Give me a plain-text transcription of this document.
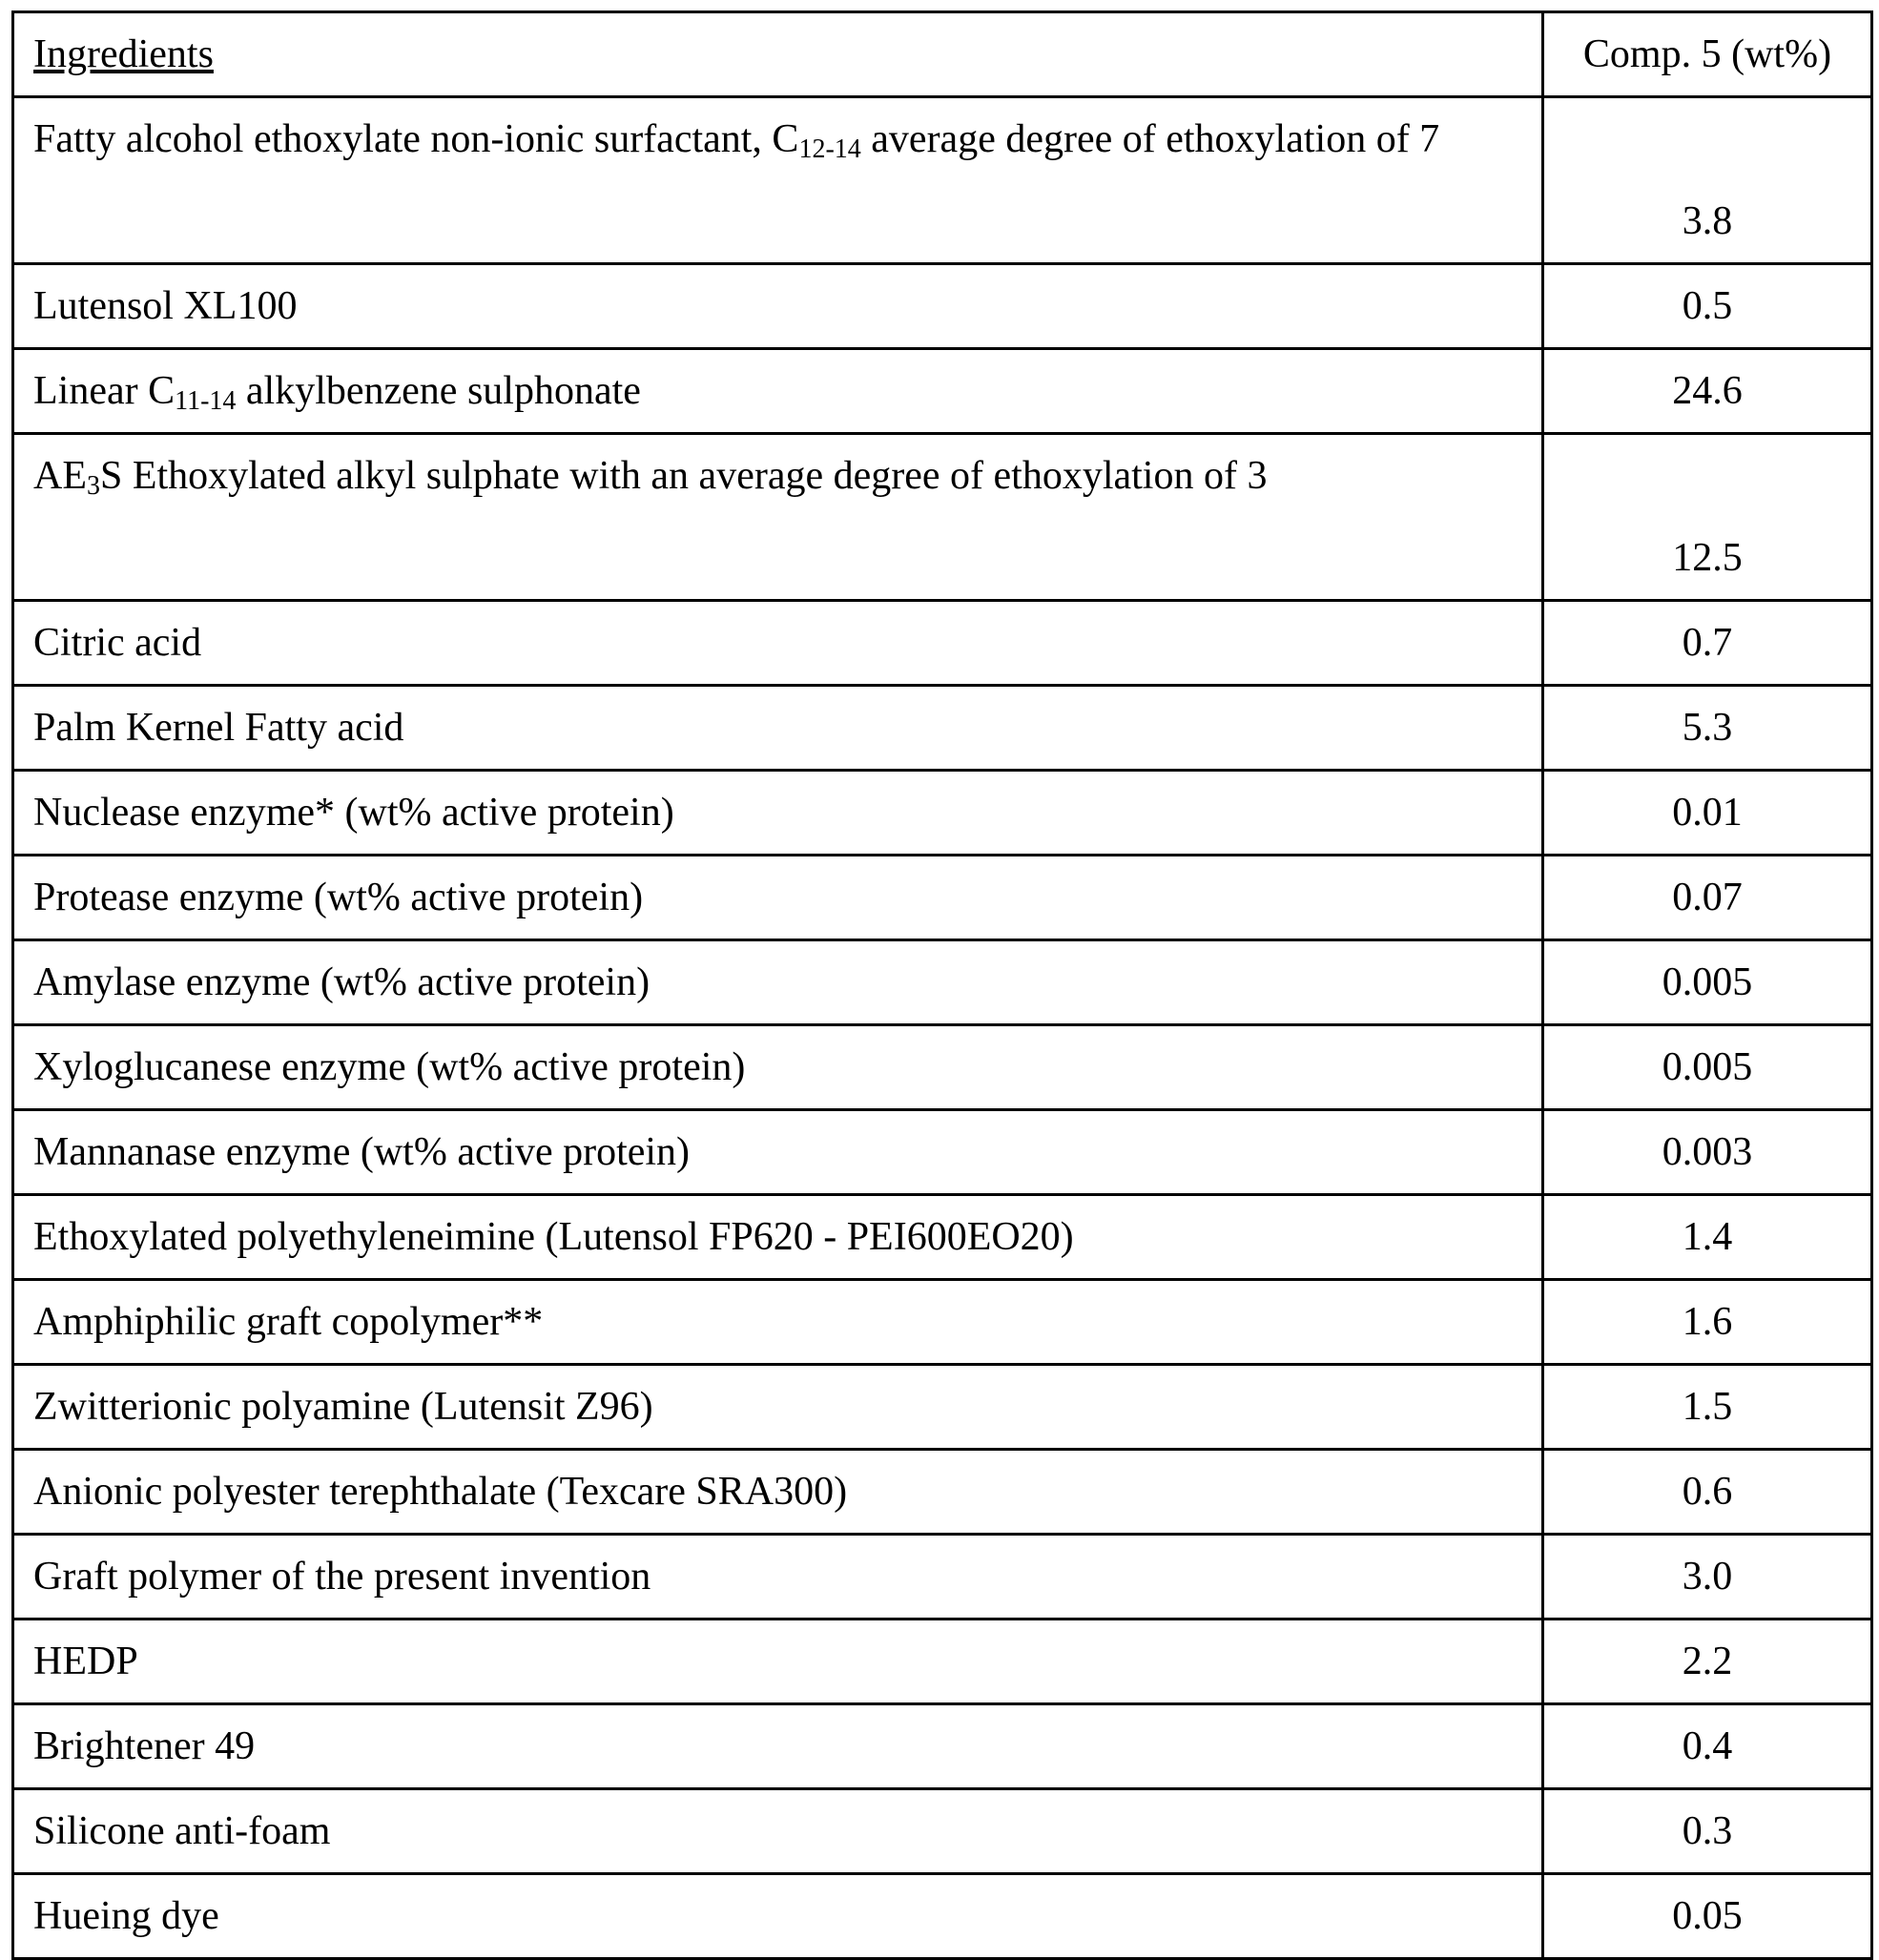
Ingredients	Comp. 5 (wt%)
Fatty alcohol ethoxylate non-ionic surfactant, C12-14 average degree of ethoxylation of 7	3.8
Lutensol XL100	0.5
Linear C11-14 alkylbenzene sulphonate	24.6
AE3S Ethoxylated alkyl sulphate with an average degree of ethoxylation of 3	12.5
Citric acid	0.7
Palm Kernel Fatty acid	5.3
Nuclease enzyme* (wt% active protein)	0.01
Protease enzyme (wt% active protein)	0.07
Amylase enzyme (wt% active protein)	0.005
Xyloglucanese enzyme (wt% active protein)	0.005
Mannanase enzyme (wt% active protein)	0.003
Ethoxylated polyethyleneimine (Lutensol FP620 - PEI600EO20)	1.4
Amphiphilic graft copolymer**	1.6
Zwitterionic polyamine (Lutensit Z96)	1.5
Anionic polyester terephthalate (Texcare SRA300)	0.6
Graft polymer of the present invention	3.0
HEDP	2.2
Brightener 49	0.4
Silicone anti-foam	0.3
Hueing dye	0.05
